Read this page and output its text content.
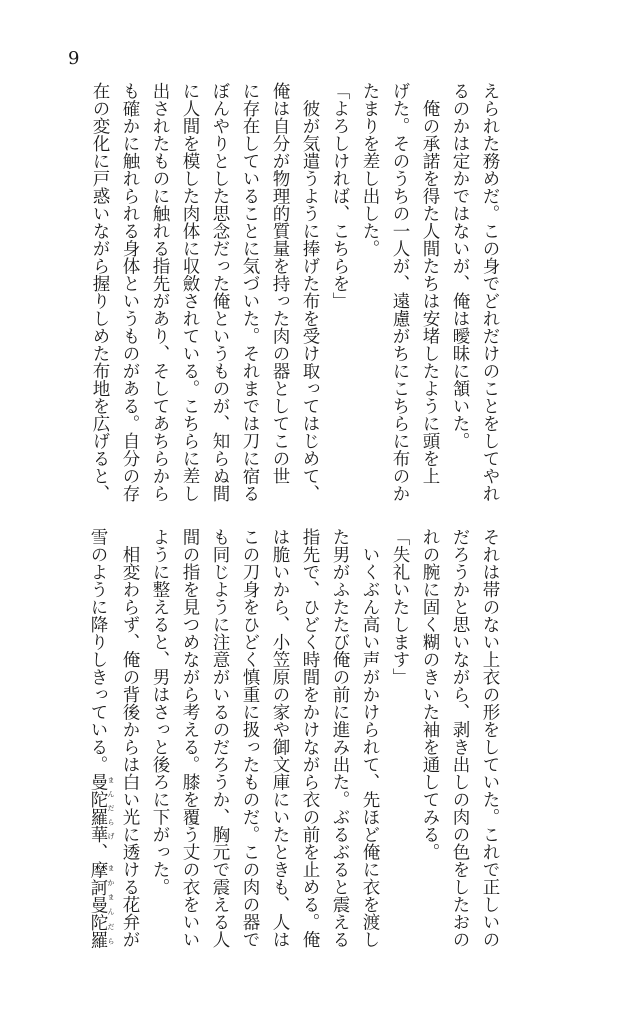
9
えられた務めだ。この身でどれだけのことをしてやれ
るのかは定かではないが、俺は曖昧に頷いた。
　俺の承諾を得た人間たちは安堵したように頭を上
げた。そのうちの一人が、遠慮がちにこちらに布のか
たまりを差し出した。
「よろしければ、こちらを」
　彼が気遣うように捧げた布を受け取ってはじめて、
俺は自分が物理的質量を持った肉の器としてこの世
に存在していることに気づいた。それまでは刀に宿る
ぼんやりとした思念だった俺というものが、知らぬ間
に人間を模した肉体に収斂されている。こちらに差し
出されたものに触れる指先があり、そしてあちらから
も確かに触れられる身体というものがある。自分の存
在の変化に戸惑いながら握りしめた布地を広げると、
それは帯のない上衣の形をしていた。これで正しいの
だろうかと思いながら、剥き出しの肉の色をしたおの
れの腕に固く糊のきいた袖を通してみる。
「失礼いたします」
　いくぶん高い声がかけられて、先ほど俺に衣を渡し
た男がふたたび俺の前に進み出た。ぶるぶると震える
指先で、ひどく時間をかけながら衣の前を止める。俺
は脆いから、小笠原の家や御文庫にいたときも、人は
この刀身をひどく慎重に扱ったものだ。この肉の器で
も同じように注意がいるのだろうか、胸元で震える人
間の指を見つめながら考える。膝を覆う丈の衣をいい
ように整えると、男はさっと後ろに下がった。
　相変わらず、俺の背後からは白い光に透ける花弁が
雪のように降りしきっている。曼陀羅華 まんだらげ、摩訶曼陀羅 まかまんだら
